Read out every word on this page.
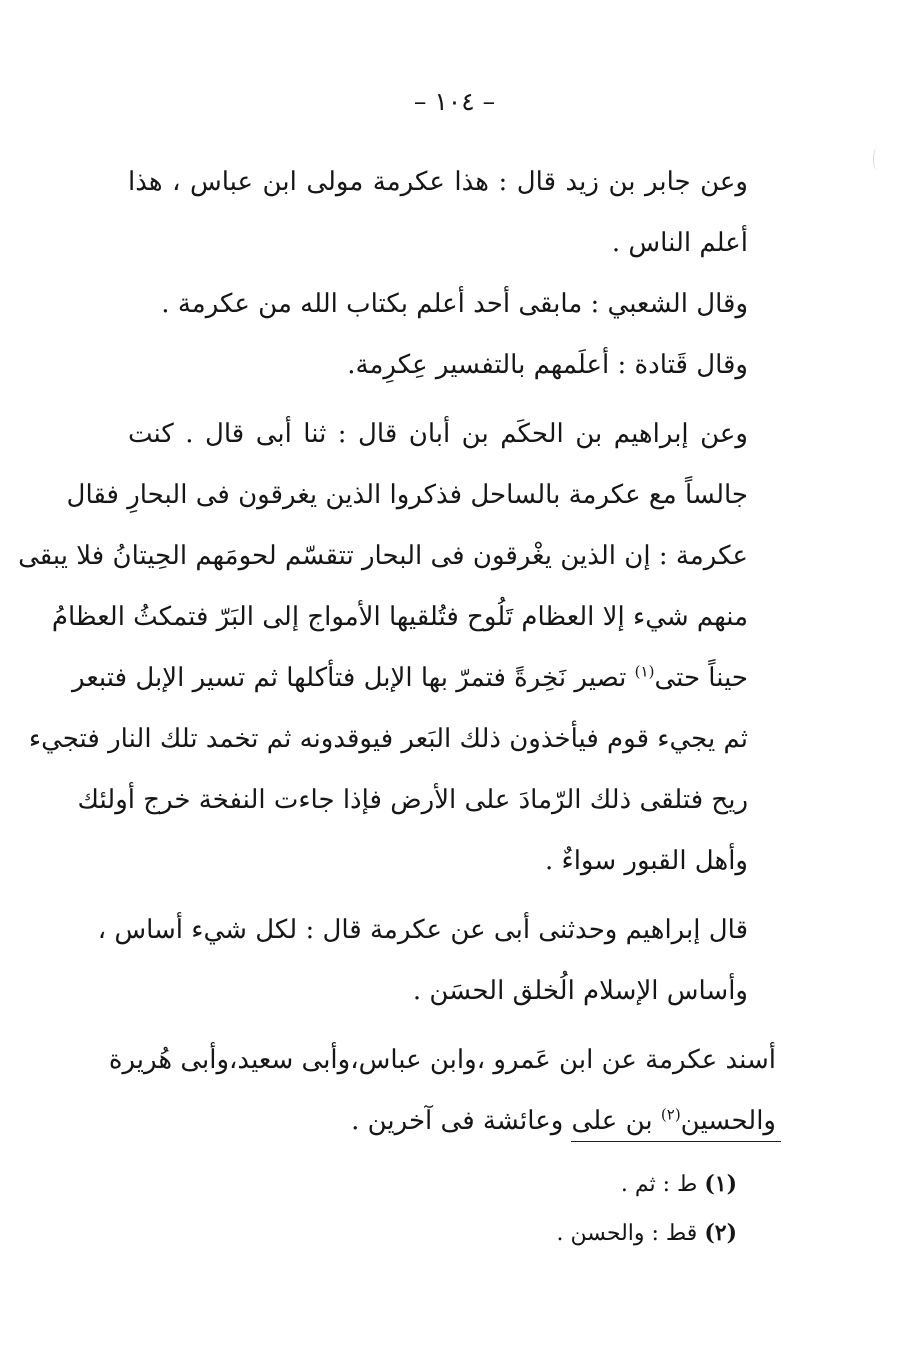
– ١٠٤ –

وعن جابر بن زيد قال : هذا عكرمة مولى ابن عباس ، هذا
أعلم الناس .

وقال الشعبي : مابقى أحد أعلم بكتاب الله من عكرمة .

وقال قَتادة : أعلَمهم بالتفسير عِكرِمة.

وعن إبراهيم بن الحكَم بن أبان قال : ثنا أبى قال . كنت
جالساً مع عكرمة بالساحل فذكروا الذين يغرقون فى البحارِ فقال
عكرمة : إن الذين يغْرقون فى البحار تتقسّم لحومَهم الحِيتانُ فلا يبقى
منهم شيء إلا العظام تَلُوح فتُلقيها الأمواج إلى البَرّ فتمكثُ العظامُ
حيناً حتى$^{(١)}$ تصير نَخِرةً فتمرّ بها الإبل فتأكلها ثم تسير الإبل فتبعر
ثم يجيء قوم فيأخذون ذلك البَعر فيوقدونه ثم تخمد تلك النار فتجيء
ريح فتلقى ذلك الرّمادَ على الأرض فإذا جاءت النفخة خرج أولئك
وأهل القبور سواءٌ .

قال إبراهيم وحدثنى أبى عن عكرمة قال : لكل شيء أساس ،
وأساس الإسلام الُخلق الحسَن .

أسند عكرمة عن ابن عَمرو ،وابن عباس،وأبى سعيد،وأبى هُريرة
والحسين$^{(٢)}$ بن على وعائشة فى آخرين .

(١) ط : ثم .

(٢) قط : والحسن .
